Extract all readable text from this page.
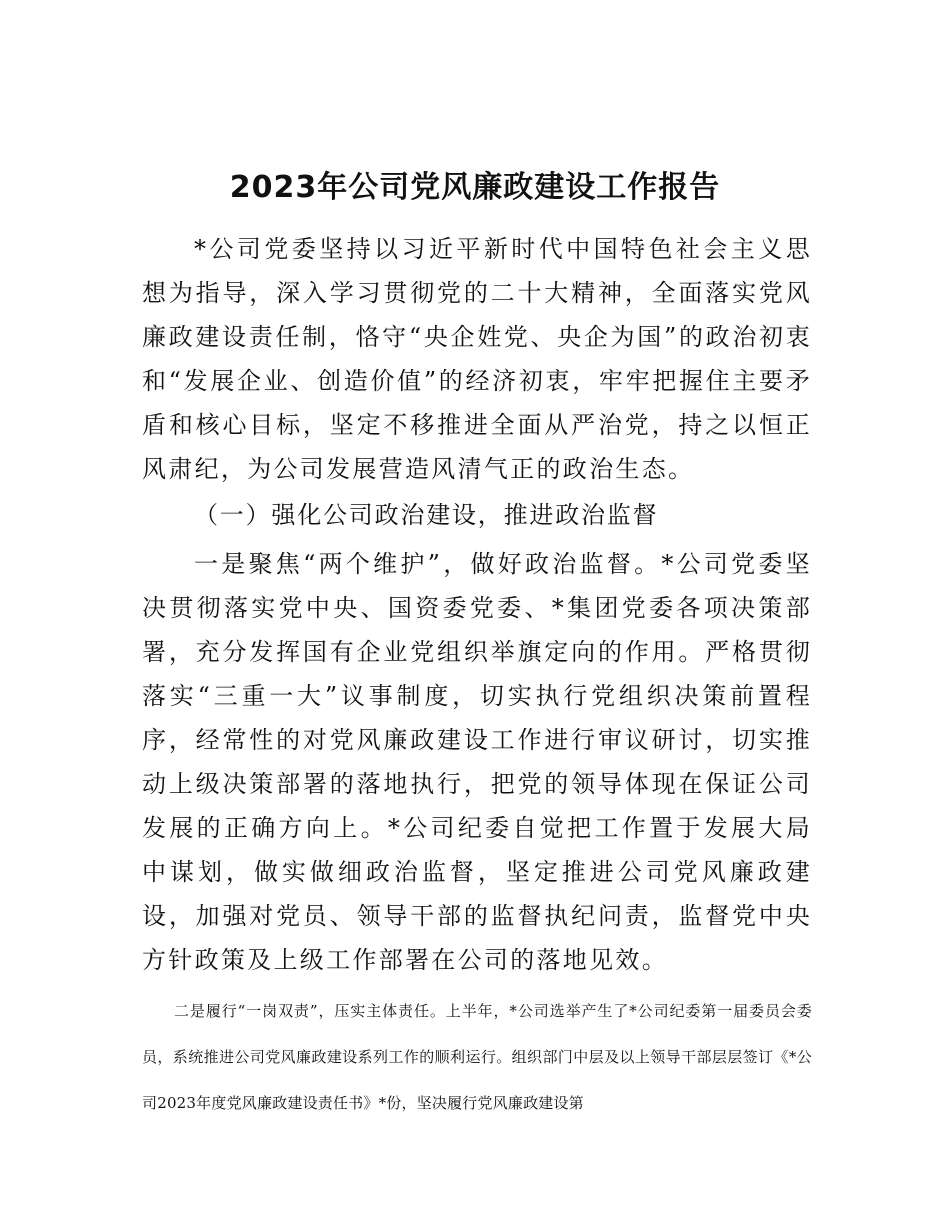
2023年公司党风廉政建设工作报告

*公司党委坚持以习近平新时代中国特色社会主义思想为指导，深入学习贯彻党的二十大精神，全面落实党风廉政建设责任制，恪守“央企姓党、央企为国”的政治初衷和“发展企业、创造价值”的经济初衷，牢牢把握住主要矛盾和核心目标，坚定不移推进全面从严治党，持之以恒正风肃纪，为公司发展营造风清气正的政治生态。

（一）强化公司政治建设，推进政治监督

一是聚焦“两个维护”，做好政治监督。*公司党委坚决贯彻落实党中央、国资委党委、*集团党委各项决策部署，充分发挥国有企业党组织举旗定向的作用。严格贯彻落实“三重一大”议事制度，切实执行党组织决策前置程序，经常性的对党风廉政建设工作进行审议研讨，切实推动上级决策部署的落地执行，把党的领导体现在保证公司发展的正确方向上。*公司纪委自觉把工作置于发展大局中谋划，做实做细政治监督，坚定推进公司党风廉政建设，加强对党员、领导干部的监督执纪问责，监督党中央方针政策及上级工作部署在公司的落地见效。

二是履行“一岗双责”，压实主体责任。上半年，*公司选举产生了*公司纪委第一届委员会委员，系统推进公司党风廉政建设系列工作的顺利运行。组织部门中层及以上领导干部层层签订《*公司2023年度党风廉政建设责任书》*份，坚决履行党风廉政建设第
